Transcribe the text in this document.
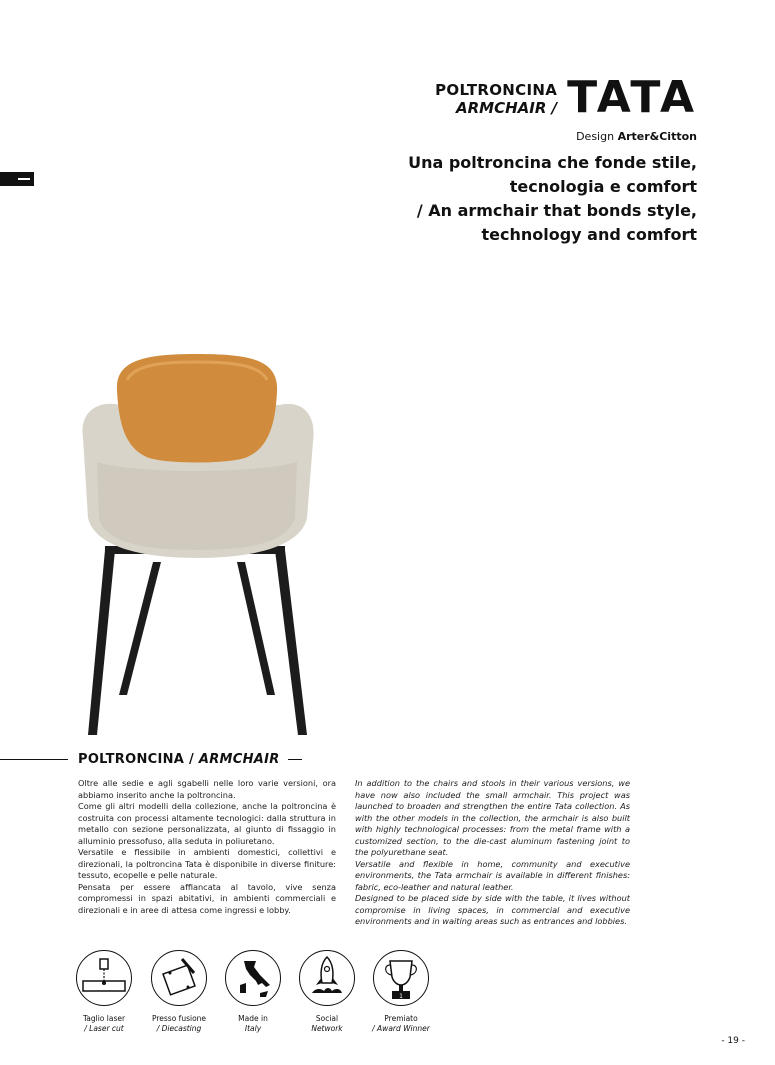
POLTRONCINA
ARMCHAIR / TATA
Design Arter&Citton
Una poltroncina che fonde stile,
tecnologia e comfort
/ An armchair that bonds style,
technology and comfort
POLTRONCINA / ARMCHAIR

Oltre alle sedie e agli sgabelli nelle loro varie versioni, ora abbiamo inserito anche la poltroncina.

Come gli altri modelli della collezione, anche la poltroncina è costruita con processi altamente tecnologici: dalla struttura in metallo con sezione personalizzata, al giunto di fissaggio in alluminio pressofuso, alla seduta in poliuretano.

Versatile e flessibile in ambienti domestici, collettivi e direzionali, la poltroncina Tata è disponibile in diverse finiture: tessuto, ecopelle e pelle naturale.

Pensata per essere affiancata al tavolo, vive senza compromessi in spazi abitativi, in ambienti commerciali e direzionali e in aree di attesa come ingressi e lobby.

In addition to the chairs and stools in their various versions, we have now also included the small armchair. This project was launched to broaden and strengthen the entire Tata collection. As with the other models in the collection, the armchair is also built with highly technological processes: from the metal frame with a customized section, to the die-cast aluminum fastening joint to the polyurethane seat.

Versatile and flexible in home, community and executive environments, the Tata armchair is available in different finishes: fabric, eco-leather and natural leather.

Designed to be placed side by side with the table, it lives without compromise in living spaces, in commercial and executive environments and in waiting areas such as entrances and lobbies.

Taglio laser
/ Laser cut
Presso fusione
/ Diecasting
Made in
Italy
Social
Network
1
Premiato
/ Award Winner
- 19 -
